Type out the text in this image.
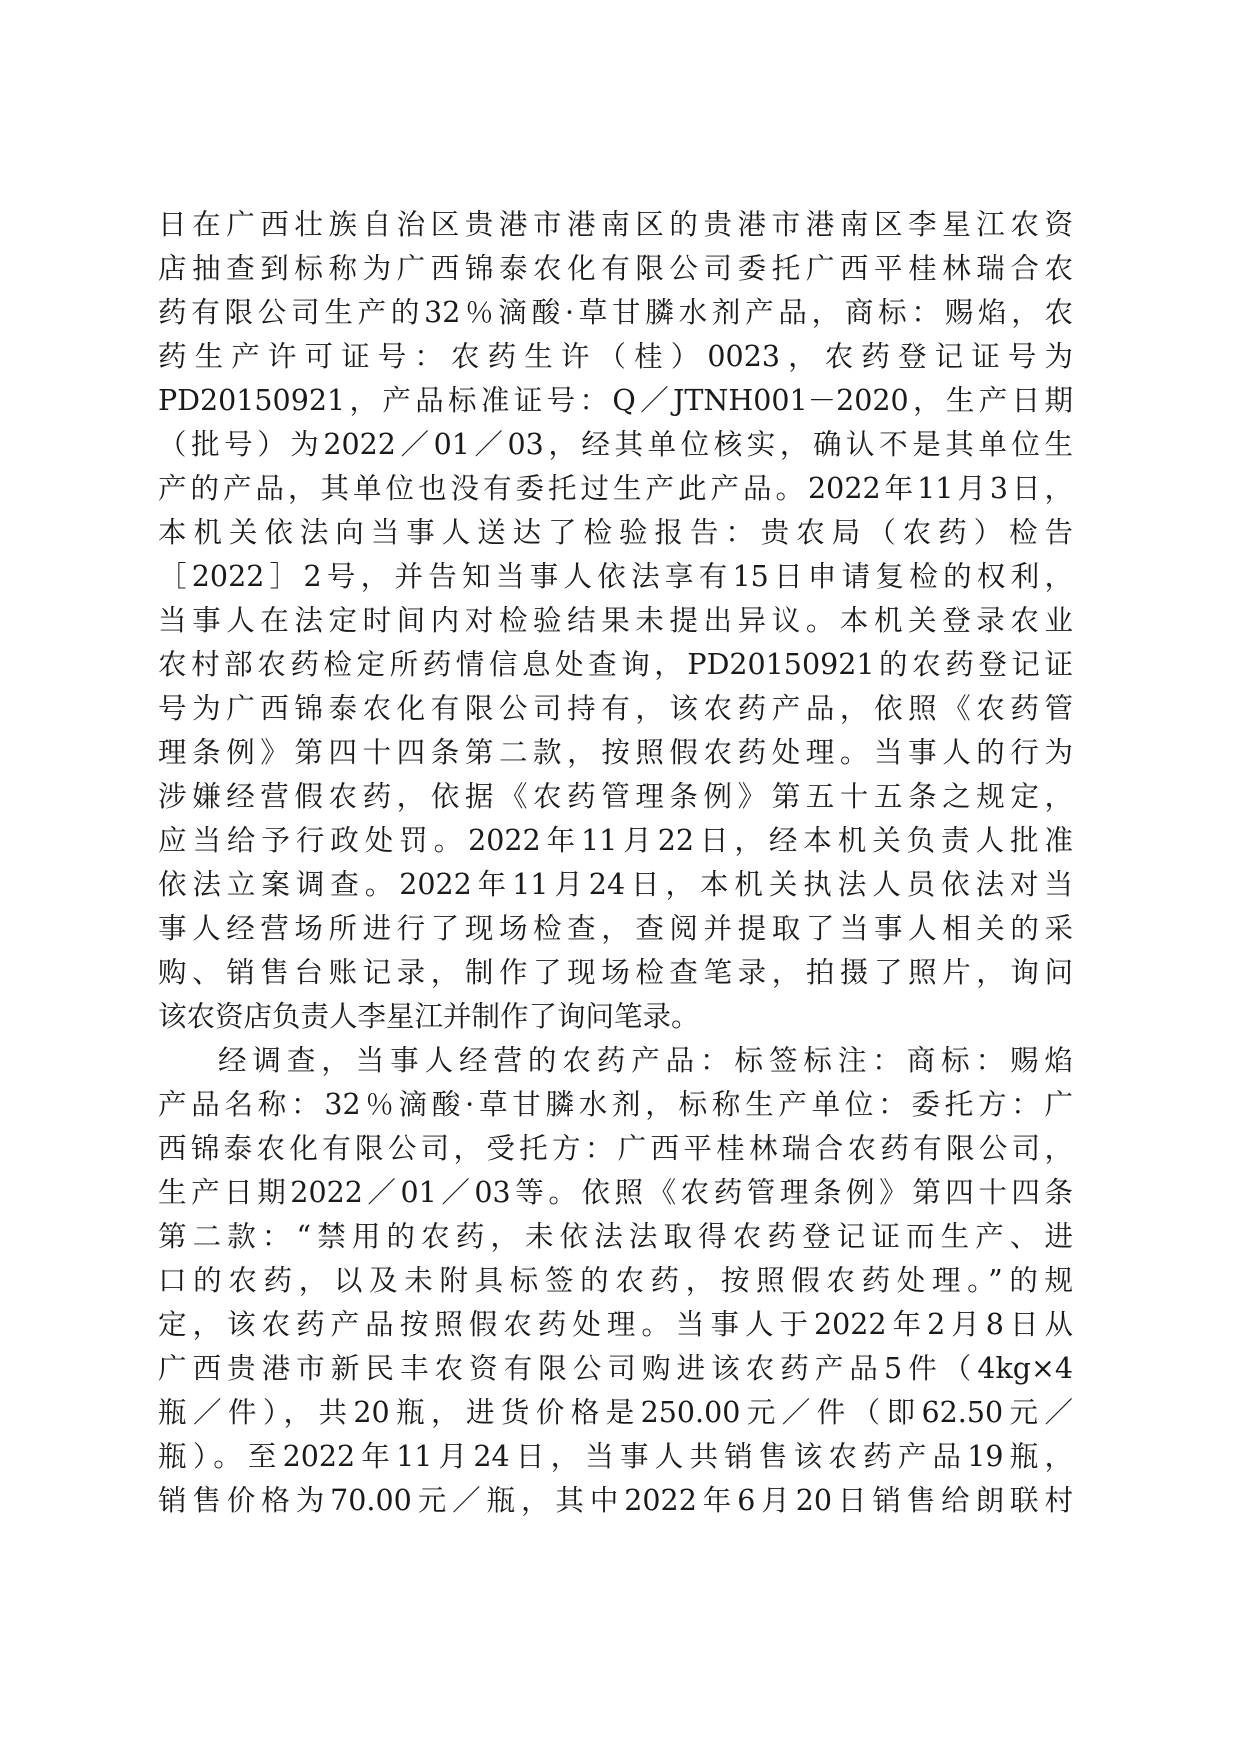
日在广西壮族自治区贵港市港南区的贵港市港南区李星江农资
店抽查到标称为广西锦泰农化有限公司委托广西平桂林瑞合农
药有限公司生产的32％滴酸·草甘膦水剂产品，商标：赐焰，农
药生产许可证号：农药生许（桂）0023，农药登记证号为
PD20150921，产品标准证号：Q／JTNH001－2020，生产日期
（批号）为2022／01／03，经其单位核实，确认不是其单位生
产的产品，其单位也没有委托过生产此产品。2022年11月3日，
本机关依法向当事人送达了检验报告：贵农局（农药）检告
［2022］2号，并告知当事人依法享有15日申请复检的权利，
当事人在法定时间内对检验结果未提出异议。本机关登录农业
农村部农药检定所药情信息处查询，PD20150921的农药登记证
号为广西锦泰农化有限公司持有，该农药产品，依照《农药管
理条例》第四十四条第二款，按照假农药处理。当事人的行为
涉嫌经营假农药，依据《农药管理条例》第五十五条之规定，
应当给予行政处罚。2022年11月22日，经本机关负责人批准
依法立案调查。2022年11月24日，本机关执法人员依法对当
事人经营场所进行了现场检查，查阅并提取了当事人相关的采
购、销售台账记录，制作了现场检查笔录，拍摄了照片，询问
该农资店负责人李星江并制作了询问笔录。
经调查，当事人经营的农药产品：标签标注：商标：赐焰
产品名称：32％滴酸·草甘膦水剂，标称生产单位：委托方：广
西锦泰农化有限公司，受托方：广西平桂林瑞合农药有限公司，
生产日期2022／01／03等。依照《农药管理条例》第四十四条
第二款：“禁用的农药，未依法法取得农药登记证而生产、进
口的农药，以及未附具标签的农药，按照假农药处理。”的规
定，该农药产品按照假农药处理。当事人于2022年2月8日从
广西贵港市新民丰农资有限公司购进该农药产品5件（4kg×4
瓶／件），共20瓶，进货价格是250.00元／件（即62.50元／
瓶）。至2022年11月24日，当事人共销售该农药产品19瓶，
销售价格为70.00元／瓶，其中2022年6月20日销售给朗联村
